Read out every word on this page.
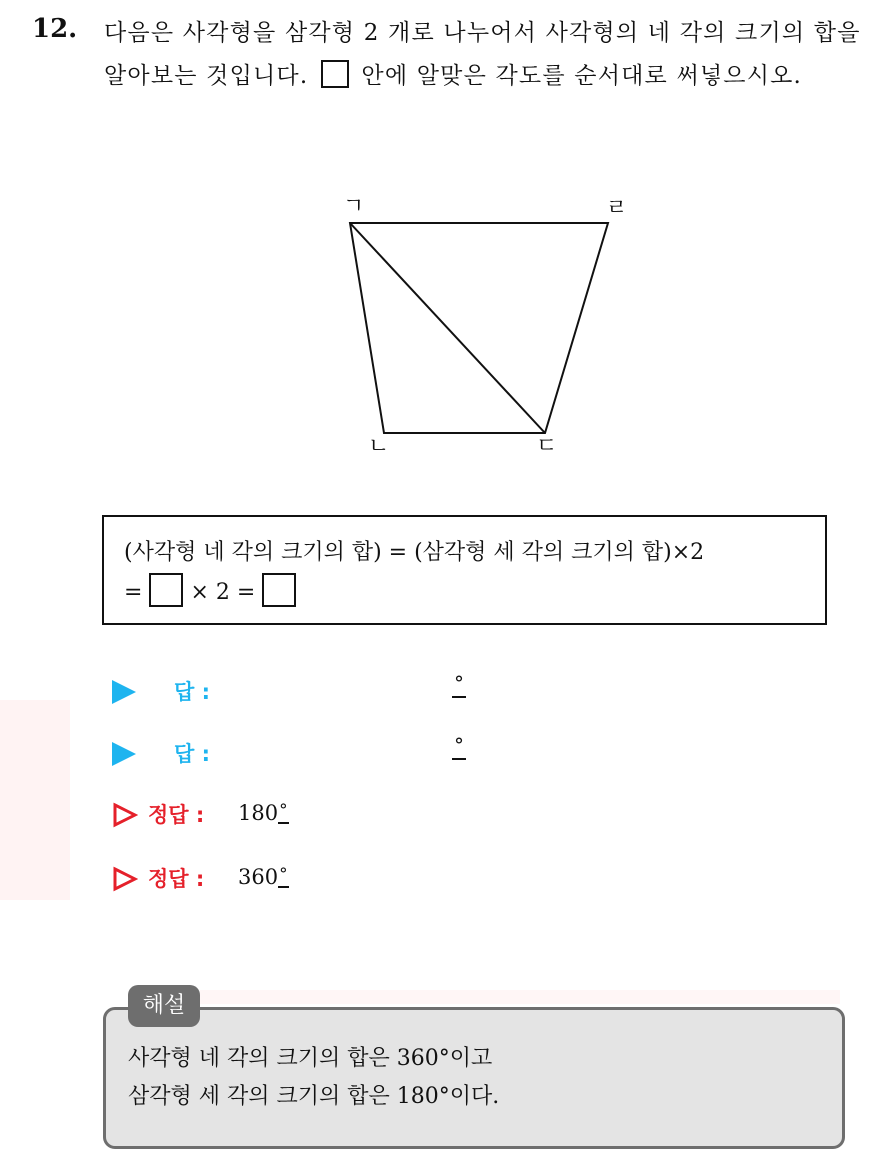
12. 다음은 사각형을 삼각형 2 개로 나누어서 사각형의 네 각의 크기의 합을 알아보는 것입니다. 안에 알맞은 각도를 순서대로 써넣으시오.
ㄱ	ㄹ
ㄴ	ㄷ
(사각형 네 각의 크기의 합) = (삼각형 세 각의 크기의 합)×2
= × 2 =
답 :	°
답 :	°
정답 : 180°
정답 : 360°
해설
사각형 네 각의 크기의 합은 360°이고
삼각형 세 각의 크기의 합은 180°이다.
